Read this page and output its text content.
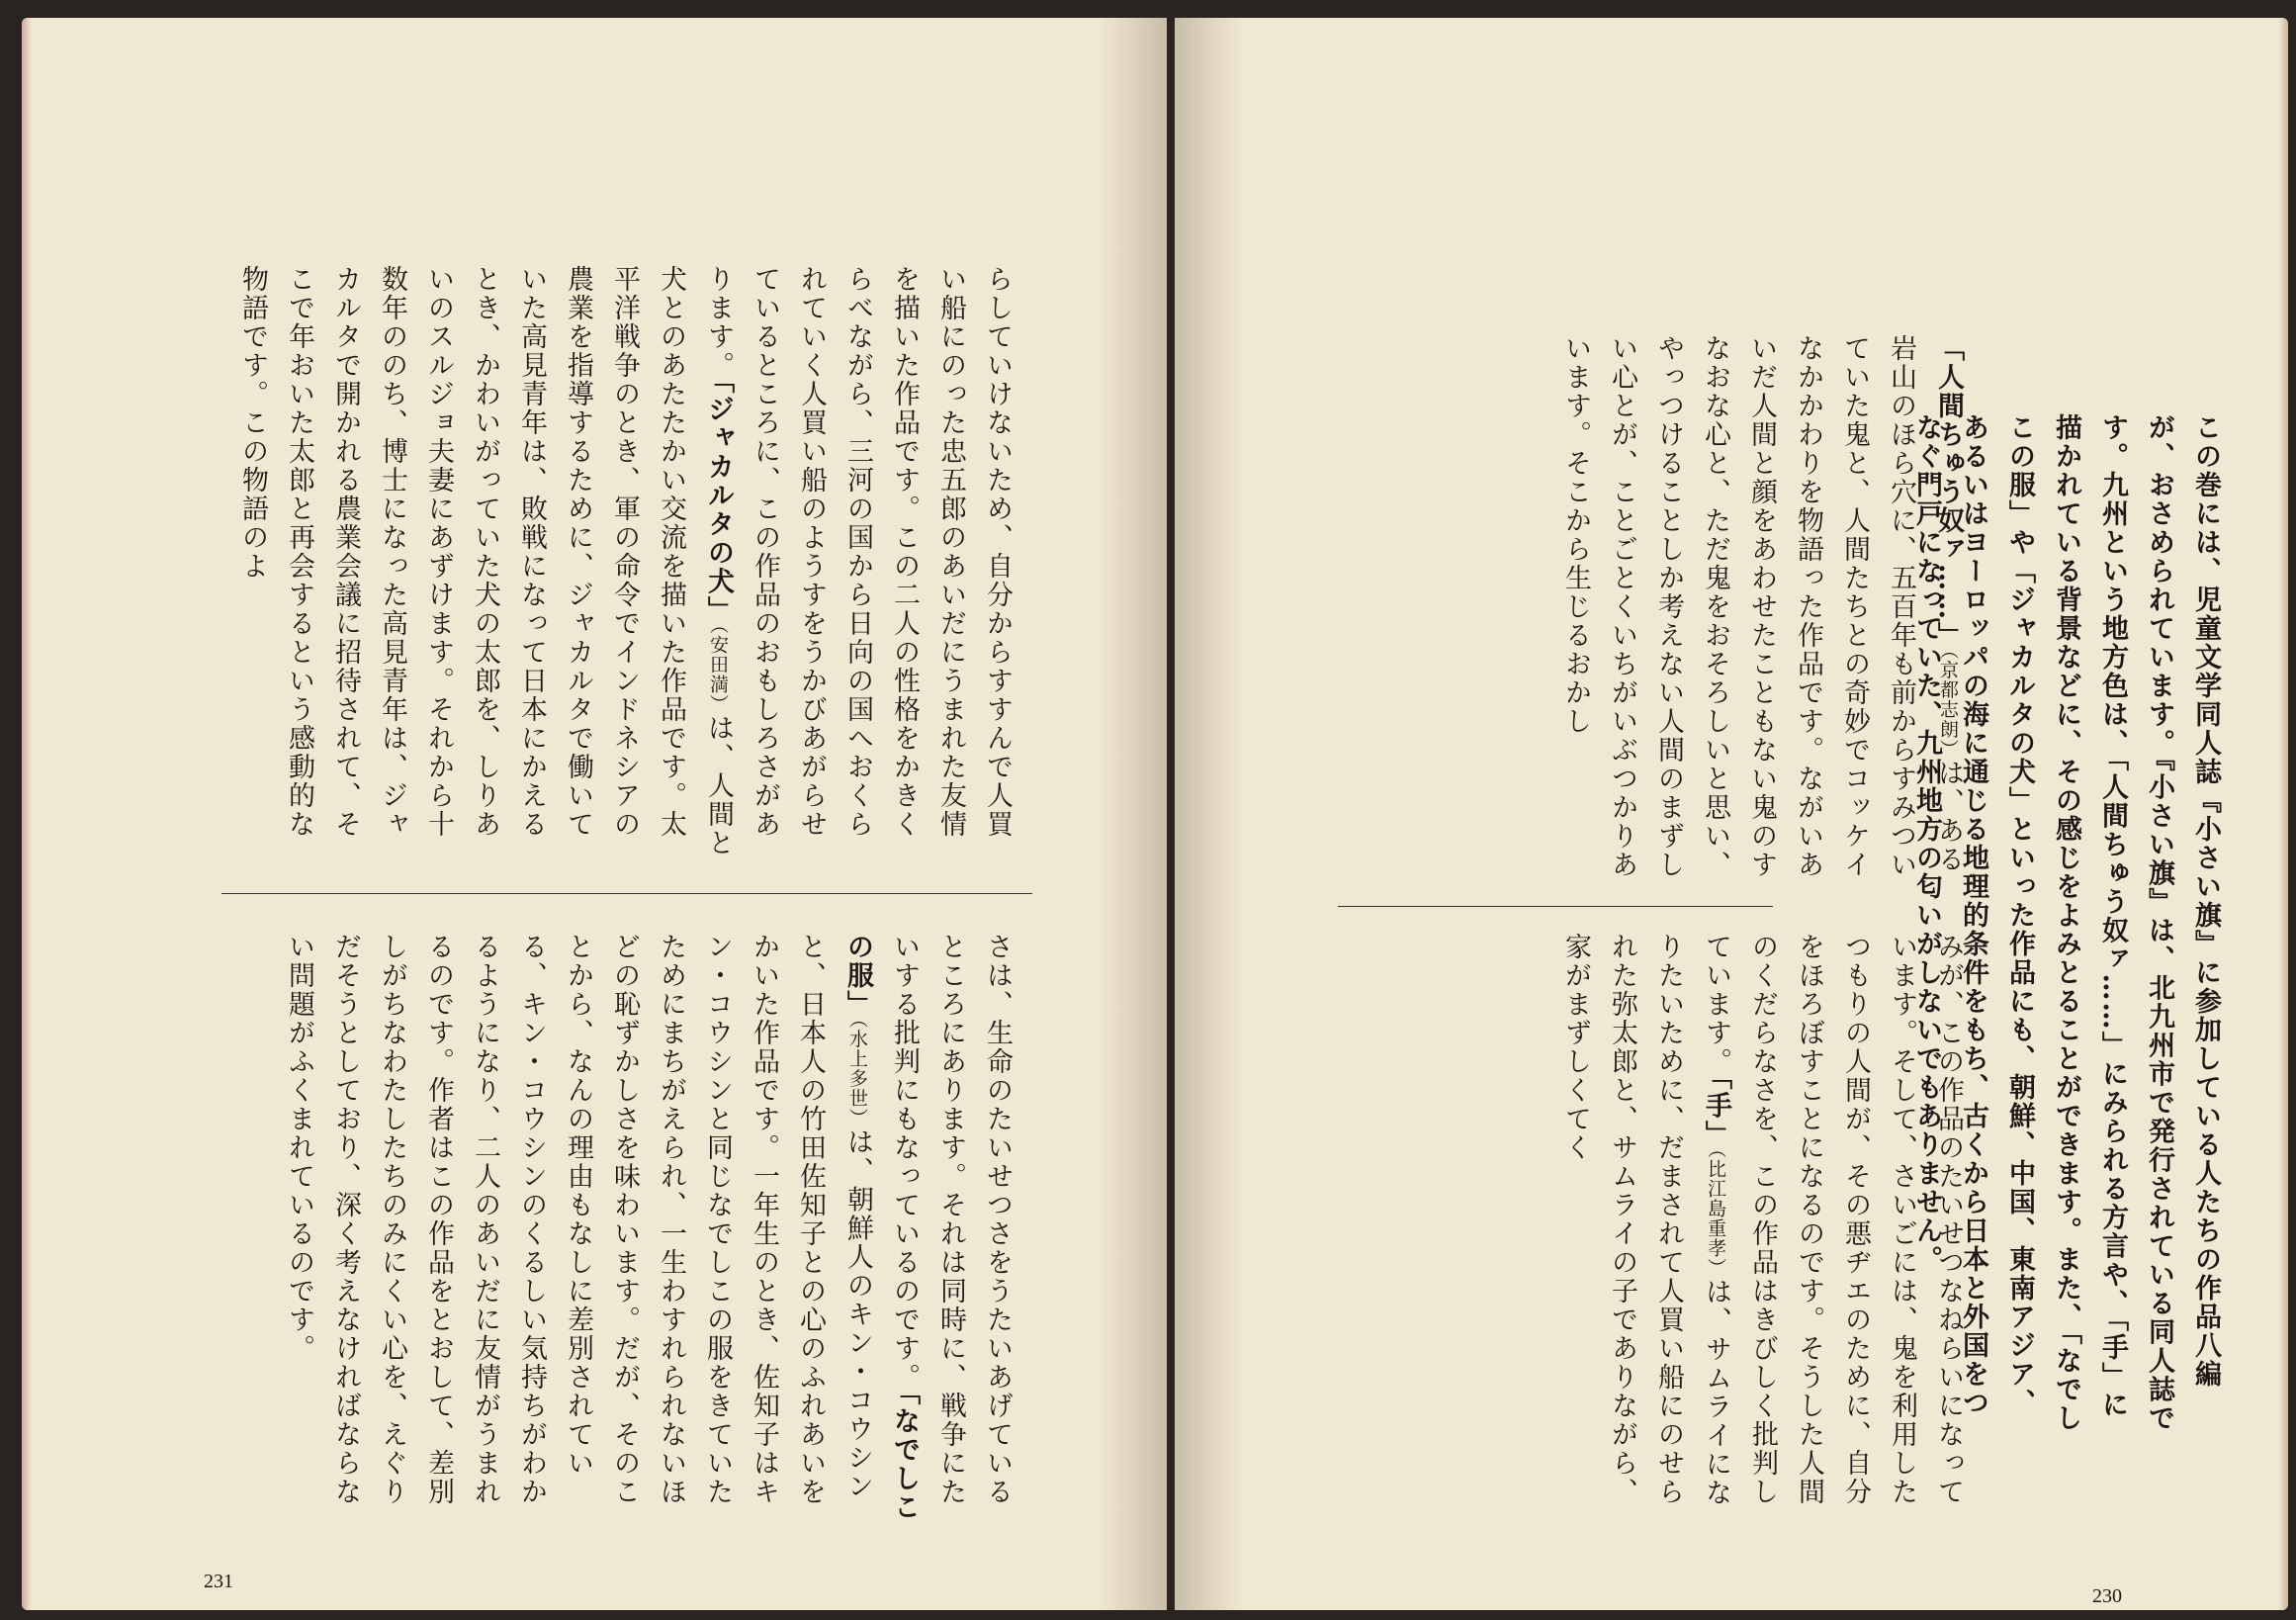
らしていけないため、自分からすすんで人買い船にのった忠五郎のあいだにうまれた友情を描いた作品です。この二人の性格をかきくらべながら、三河の国から日向の国へおくられていく人買い船のようすをうかびあがらせているところに、この作品のおもしろさがあります。「ジャカルタの犬」（安田満）は、人間と犬とのあたたかい交流を描いた作品です。太平洋戦争のとき、軍の命令でインドネシアの農業を指導するために、ジャカルタで働いていた高見青年は、敗戦になって日本にかえるとき、かわいがっていた犬の太郎を、しりあいのスルジョ夫妻にあずけます。それから十数年ののち、博士になった高見青年は、ジャカルタで開かれる農業会議に招待されて、そこで年おいた太郎と再会するという感動的な物語です。この物語のよ
さは、生命のたいせつさをうたいあげているところにあります。それは同時に、戦争にたいする批判にもなっているのです。「なでしこの服」（水上多世）は、朝鮮人のキン・コウシンと、日本人の竹田佐知子との心のふれあいをかいた作品です。一年生のとき、佐知子はキン・コウシンと同じなでしこの服をきていたためにまちがえられ、一生わすれられないほどの恥ずかしさを味わいます。だが、そのことから、なんの理由もなしに差別されている、キン・コウシンのくるしい気持ちがわかるようになり、二人のあいだに友情がうまれるのです。作者はこの作品をとおして、差別しがちなわたしたちのみにくい心を、えぐりだそうとしており、深く考えなければならない問題がふくまれているのです。
231
この巻には、児童文学同人誌『小さい旗』に参加している人たちの作品八編が、おさめられています。『小さい旗』は、北九州市で発行されている同人誌です。九州という地方色は、「人間ちゅう奴ァ……」にみられる方言や、「手」に描かれている背景などに、その感じをよみとることができます。また、「なでしこの服」や「ジャカルタの犬」といった作品にも、朝鮮、中国、東南アジア、あるいはヨーロッパの海に通じる地理的条件をもち、古くから日本と外国をつなぐ門戸になっていた、九州地方の匂いがしないでもありません。
「人間ちゅう奴ァ……」（京都志朗）は、ある岩山のほら穴に、五百年も前からすみついていた鬼と、人間たちとの奇妙でコッケイなかかわりを物語った作品です。ながいあいだ人間と顔をあわせたこともない鬼のすなおな心と、ただ鬼をおそろしいと思い、やっつけることしか考えない人間のまずしい心とが、ことごとくいちがいぶつかりあいます。そこから生じるおかし
みが、この作品のたいせつなねらいになっています。そして、さいごには、鬼を利用したつもりの人間が、その悪ヂエのために、自分をほろぼすことになるのです。そうした人間のくだらなさを、この作品はきびしく批判しています。「手」（比江島重孝）は、サムライになりたいために、だまされて人買い船にのせられた弥太郎と、サムライの子でありながら、家がまずしくてく
230
